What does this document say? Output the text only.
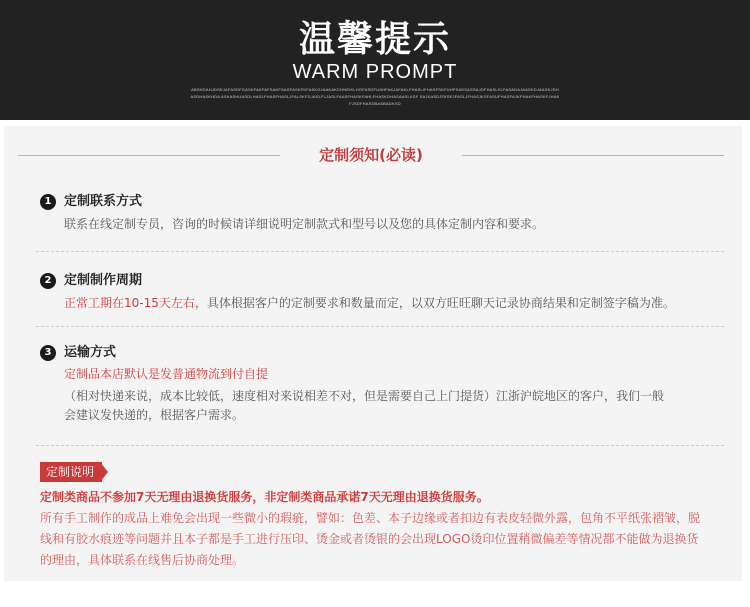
温馨提示
WARM PROMPT
ABSHDAHJDSKJAFASDFGASKFAKFAFSAKFSASFASKFKFASKGJAAKAKCHNEIKLHGFASDFUSHFAKJAFAKLFHASLIFHASFSKFUHFSADSASSAJDFHASLKLFASADAJAASKDJAASKJDHASDHASKHDA ASKASHUASDLHASLFHASFHASLJFALSKFDJASLFLJASLFAASFHASKFAHLFHASKDHASAASLKSF SAJKASDJFASKJFASLJFHASJKSFASUFHASFAJKFHAKFHASKFJHAKFJSDFHASDBASBADKSD
定制须知(必读)
1 定制联系方式
联系在线定制专员，咨询的时候请详细说明定制款式和型号以及您的具体定制内容和要求。
2 定制制作周期
正常工期在10-15天左右，具体根据客户的定制要求和数量而定，以双方旺旺聊天记录协商结果和定制签字稿为准。
3 运输方式
定制品本店默认是发普通物流到付自提
（相对快递来说，成本比较低，速度相对来说相差不对，但是需要自己上门提货）江浙沪皖地区的客户，我们一般
会建议发快递的，根据客户需求。
定制说明
定制类商品不参加7天无理由退换货服务，非定制类商品承诺7天无理由退换货服务。
所有手工制作的成品上难免会出现一些微小的瑕疵，譬如：色差、本子边缘或者扣边有表皮轻微外露，包角不平纸张褶皱，脱
线和有胶水痕迹等问题并且本子都是手工进行压印、烫金或者烫银的会出现LOGO烫印位置稍微偏差等情况都不能做为退换货
的理由，具体联系在线售后协商处理。
